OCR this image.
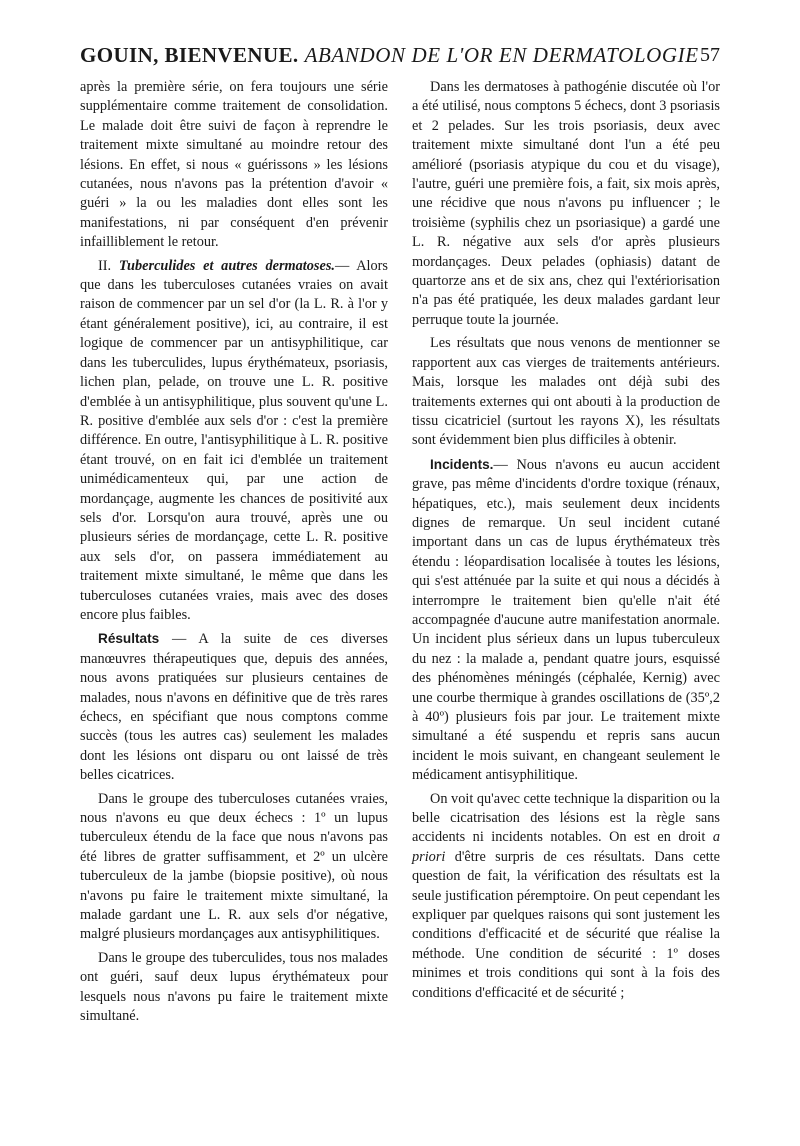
GOUIN, BIENVENUE. ABANDON DE L'OR EN DERMATOLOGIE 57

après la première série, on fera toujours une série supplémentaire comme traitement de consolidation. Le malade doit être suivi de façon à reprendre le traitement mixte simultané au moindre retour des lésions. En effet, si nous « guérissons » les lésions cutanées, nous n'avons pas la prétention d'avoir « guéri » la ou les maladies dont elles sont les manifestations, ni par conséquent d'en prévenir infailliblement le retour.

II. Tuberculides et autres dermatoses.— Alors que dans les tuberculoses cutanées vraies on avait raison de commencer par un sel d'or (la L. R. à l'or y étant généralement positive), ici, au contraire, il est logique de commencer par un antisyphilitique, car dans les tuberculides, lupus érythémateux, psoriasis, lichen plan, pelade, on trouve une L. R. positive d'emblée à un antisyphilitique, plus souvent qu'une L. R. positive d'emblée aux sels d'or : c'est la première différence. En outre, l'antisyphilitique à L. R. positive étant trouvé, on en fait ici d'emblée un traitement unimédicamenteux qui, par une action de mordançage, augmente les chances de positivité aux sels d'or. Lorsqu'on aura trouvé, après une ou plusieurs séries de mordançage, cette L. R. positive aux sels d'or, on passera immédiatement au traitement mixte simultané, le même que dans les tuberculoses cutanées vraies, mais avec des doses encore plus faibles.

Résultats — A la suite de ces diverses manœuvres thérapeutiques que, depuis des années, nous avons pratiquées sur plusieurs centaines de malades, nous n'avons en définitive que de très rares échecs, en spécifiant que nous comptons comme succès (tous les autres cas) seulement les malades dont les lésions ont disparu ou ont laissé de très belles cicatrices.

Dans le groupe des tuberculoses cutanées vraies, nous n'avons eu que deux échecs : 1º un lupus tuberculeux étendu de la face que nous n'avons pas été libres de gratter suffisamment, et 2º un ulcère tuberculeux de la jambe (biopsie positive), où nous n'avons pu faire le traitement mixte simultané, la malade gardant une L. R. aux sels d'or négative, malgré plusieurs mordançages aux antisyphilitiques.

Dans le groupe des tuberculides, tous nos malades ont guéri, sauf deux lupus érythémateux pour lesquels nous n'avons pu faire le traitement mixte simultané.

Dans les dermatoses à pathogénie discutée où l'or a été utilisé, nous comptons 5 échecs, dont 3 psoriasis et 2 pelades. Sur les trois psoriasis, deux avec traitement mixte simultané dont l'un a été peu amélioré (psoriasis atypique du cou et du visage), l'autre, guéri une première fois, a fait, six mois après, une récidive que nous n'avons pu influencer ; le troisième (syphilis chez un psoriasique) a gardé une L. R. négative aux sels d'or après plusieurs mordançages. Deux pelades (ophiasis) datant de quartorze ans et de six ans, chez qui l'extériorisation n'a pas été pratiquée, les deux malades gardant leur perruque toute la journée.

Les résultats que nous venons de mentionner se rapportent aux cas vierges de traitements antérieurs. Mais, lorsque les malades ont déjà subi des traitements externes qui ont abouti à la production de tissu cicatriciel (surtout les rayons X), les résultats sont évidemment bien plus difficiles à obtenir.

Incidents.— Nous n'avons eu aucun accident grave, pas même d'incidents d'ordre toxique (rénaux, hépatiques, etc.), mais seulement deux incidents dignes de remarque. Un seul incident cutané important dans un cas de lupus érythémateux très étendu : léopardisation localisée à toutes les lésions, qui s'est atténuée par la suite et qui nous a décidés à interrompre le traitement bien qu'elle n'ait été accompagnée d'aucune autre manifestation anormale. Un incident plus sérieux dans un lupus tuberculeux du nez : la malade a, pendant quatre jours, esquissé des phénomènes méningés (céphalée, Kernig) avec une courbe thermique à grandes oscillations de (35º,2 à 40º) plusieurs fois par jour. Le traitement mixte simultané a été suspendu et repris sans aucun incident le mois suivant, en changeant seulement le médicament antisyphilitique.

On voit qu'avec cette technique la disparition ou la belle cicatrisation des lésions est la règle sans accidents ni incidents notables. On est en droit a priori d'être surpris de ces résultats. Dans cette question de fait, la vérification des résultats est la seule justification péremptoire. On peut cependant les expliquer par quelques raisons qui sont justement les conditions d'efficacité et de sécurité que réalise la méthode. Une condition de sécurité : 1º doses minimes et trois conditions qui sont à la fois des conditions d'efficacité et de sécurité ;
